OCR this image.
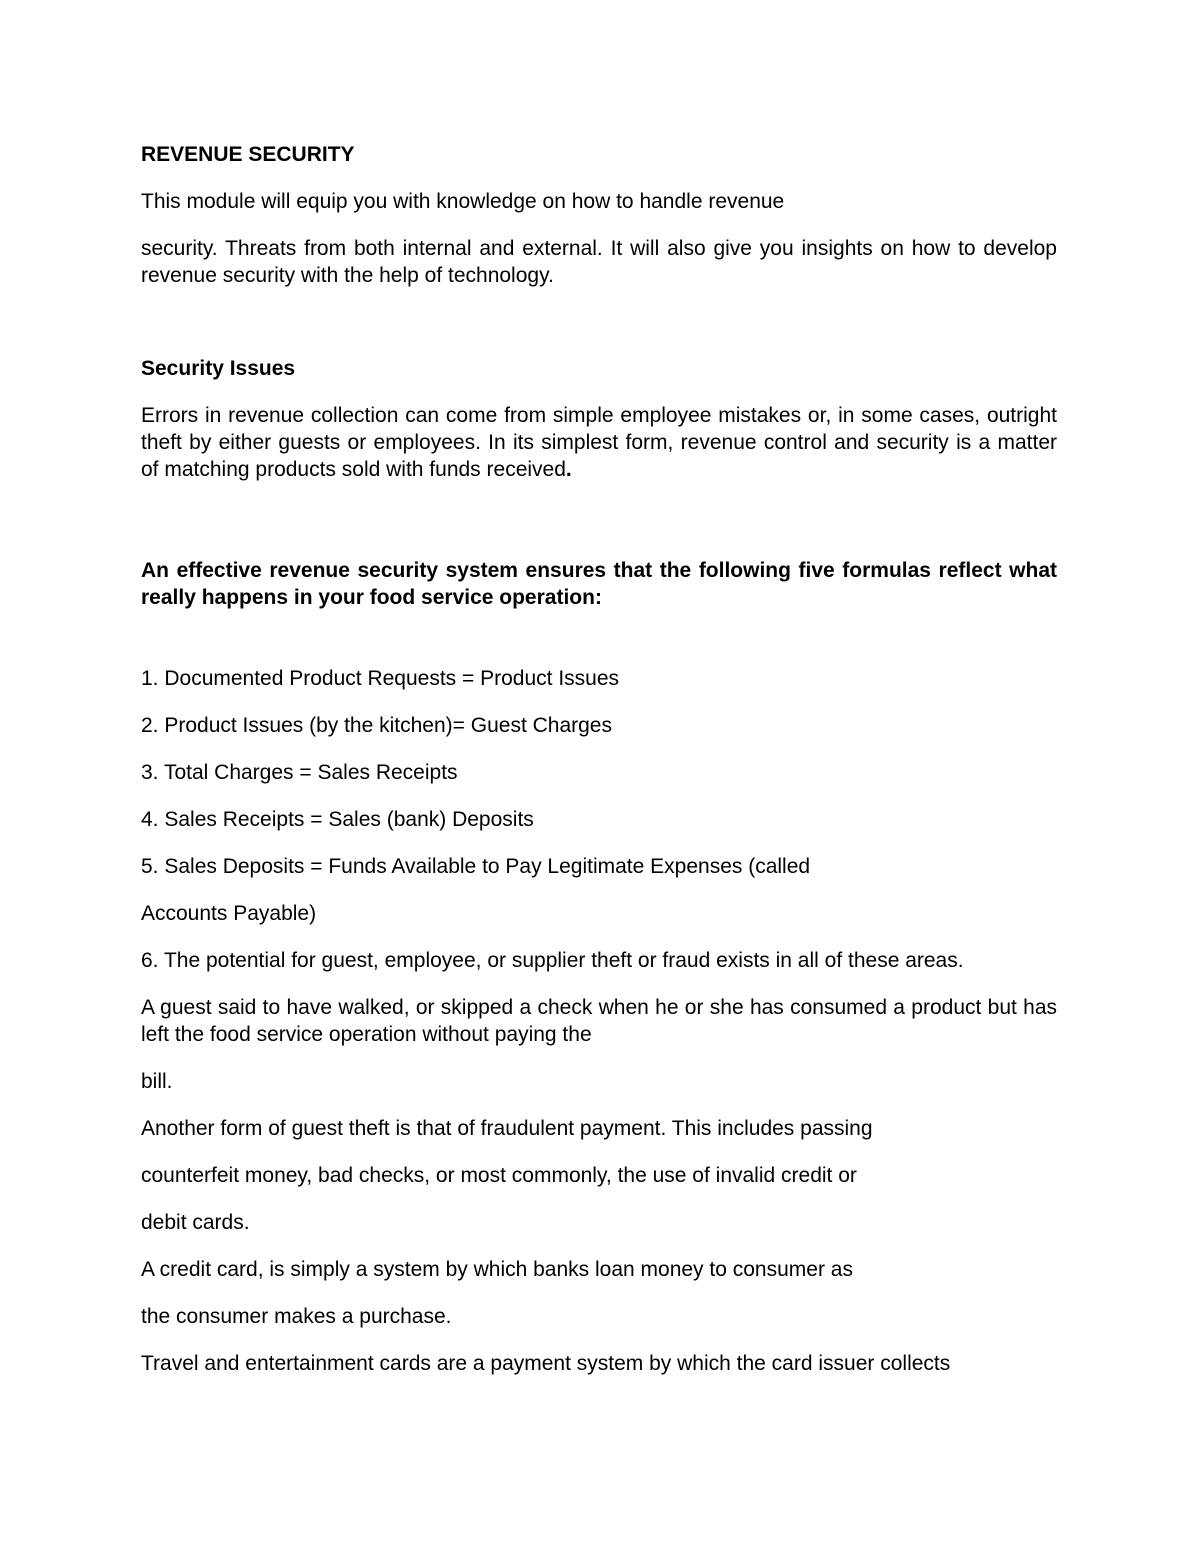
REVENUE SECURITY
This module will equip you with knowledge on how to handle revenue
security. Threats from both internal and external. It will also give you insights on how to develop revenue security with the help of technology.
Security Issues
Errors in revenue collection can come from simple employee mistakes or, in some cases, outright theft by either guests or employees. In its simplest form, revenue control and security is a matter of matching products sold with funds received.
An effective revenue security system ensures that the following five formulas reflect what really happens in your food service operation:
1. Documented Product Requests = Product Issues
2. Product Issues (by the kitchen)= Guest Charges
3. Total Charges = Sales Receipts
4. Sales Receipts = Sales (bank) Deposits
5. Sales Deposits = Funds Available to Pay Legitimate Expenses (called
Accounts Payable)
6. The potential for guest, employee, or supplier theft or fraud exists in all of these areas.
A guest said to have walked, or skipped a check when he or she has consumed a product but has left the food service operation without paying the
bill.
Another form of guest theft is that of fraudulent payment. This includes passing
counterfeit money, bad checks, or most commonly, the use of invalid credit or
debit cards.
A credit card, is simply a system by which banks loan money to consumer as
the consumer makes a purchase.
Travel and entertainment cards are a payment system by which the card issuer collects
